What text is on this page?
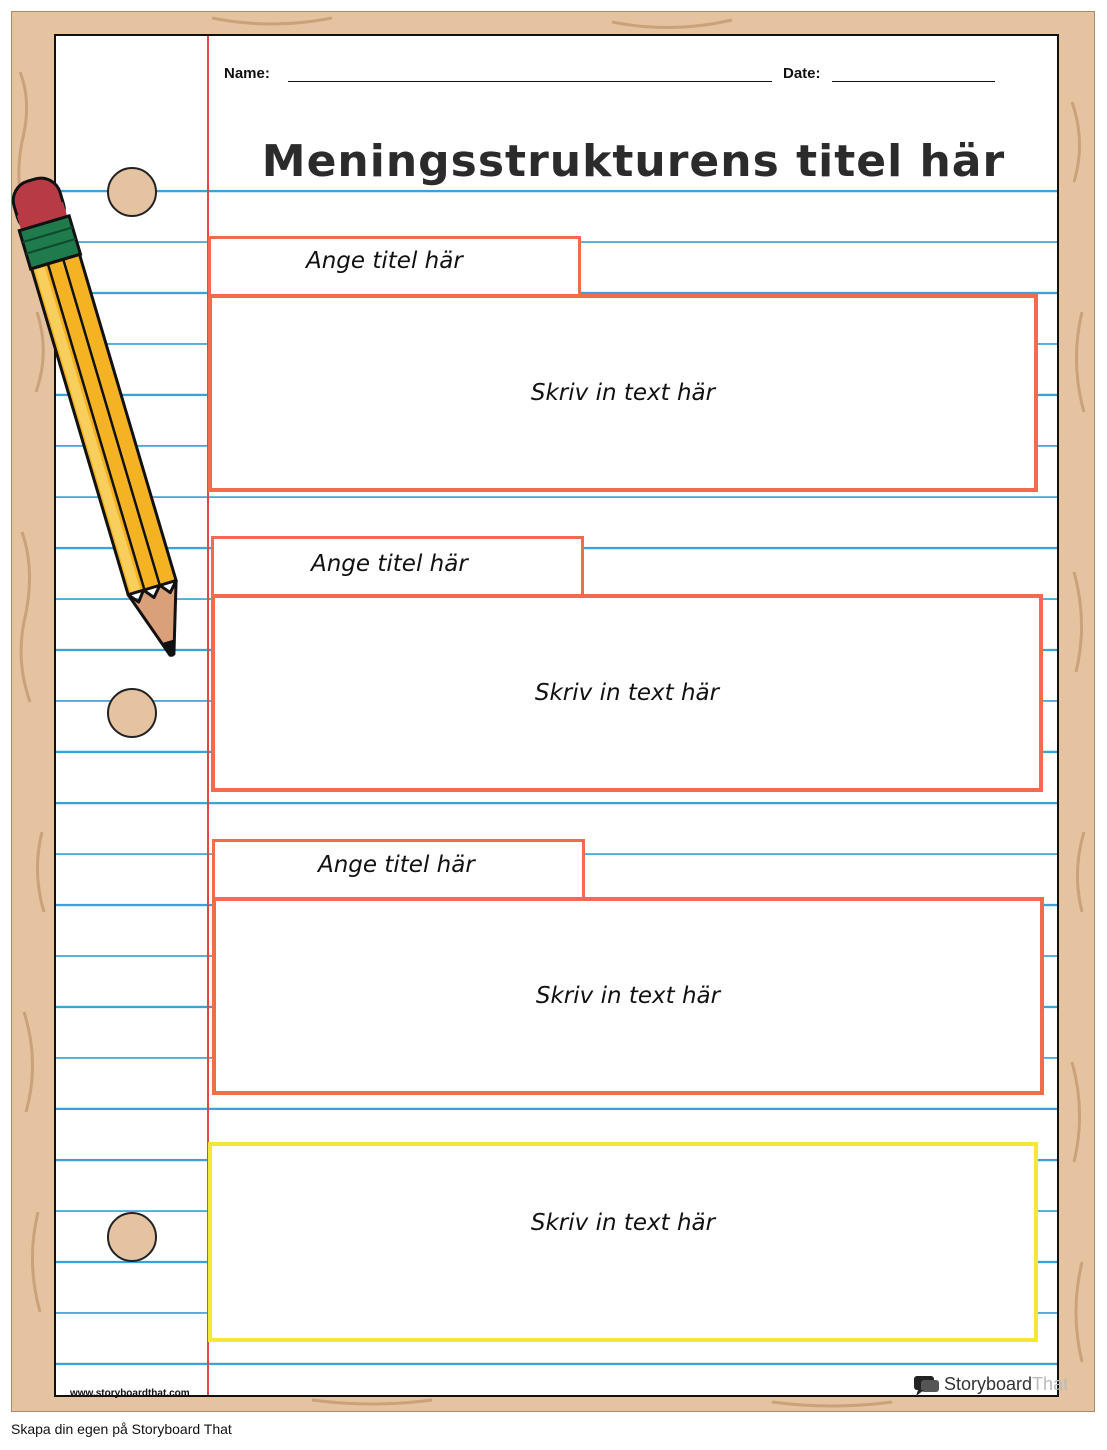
Name:	Date:
Meningsstrukturens titel här
Ange titel här
Skriv in text här
Ange titel här
Skriv in text här
Ange titel här
Skriv in text här
Skriv in text här
www.storyboardthat.com	StoryboardThat
Skapa din egen på Storyboard That
